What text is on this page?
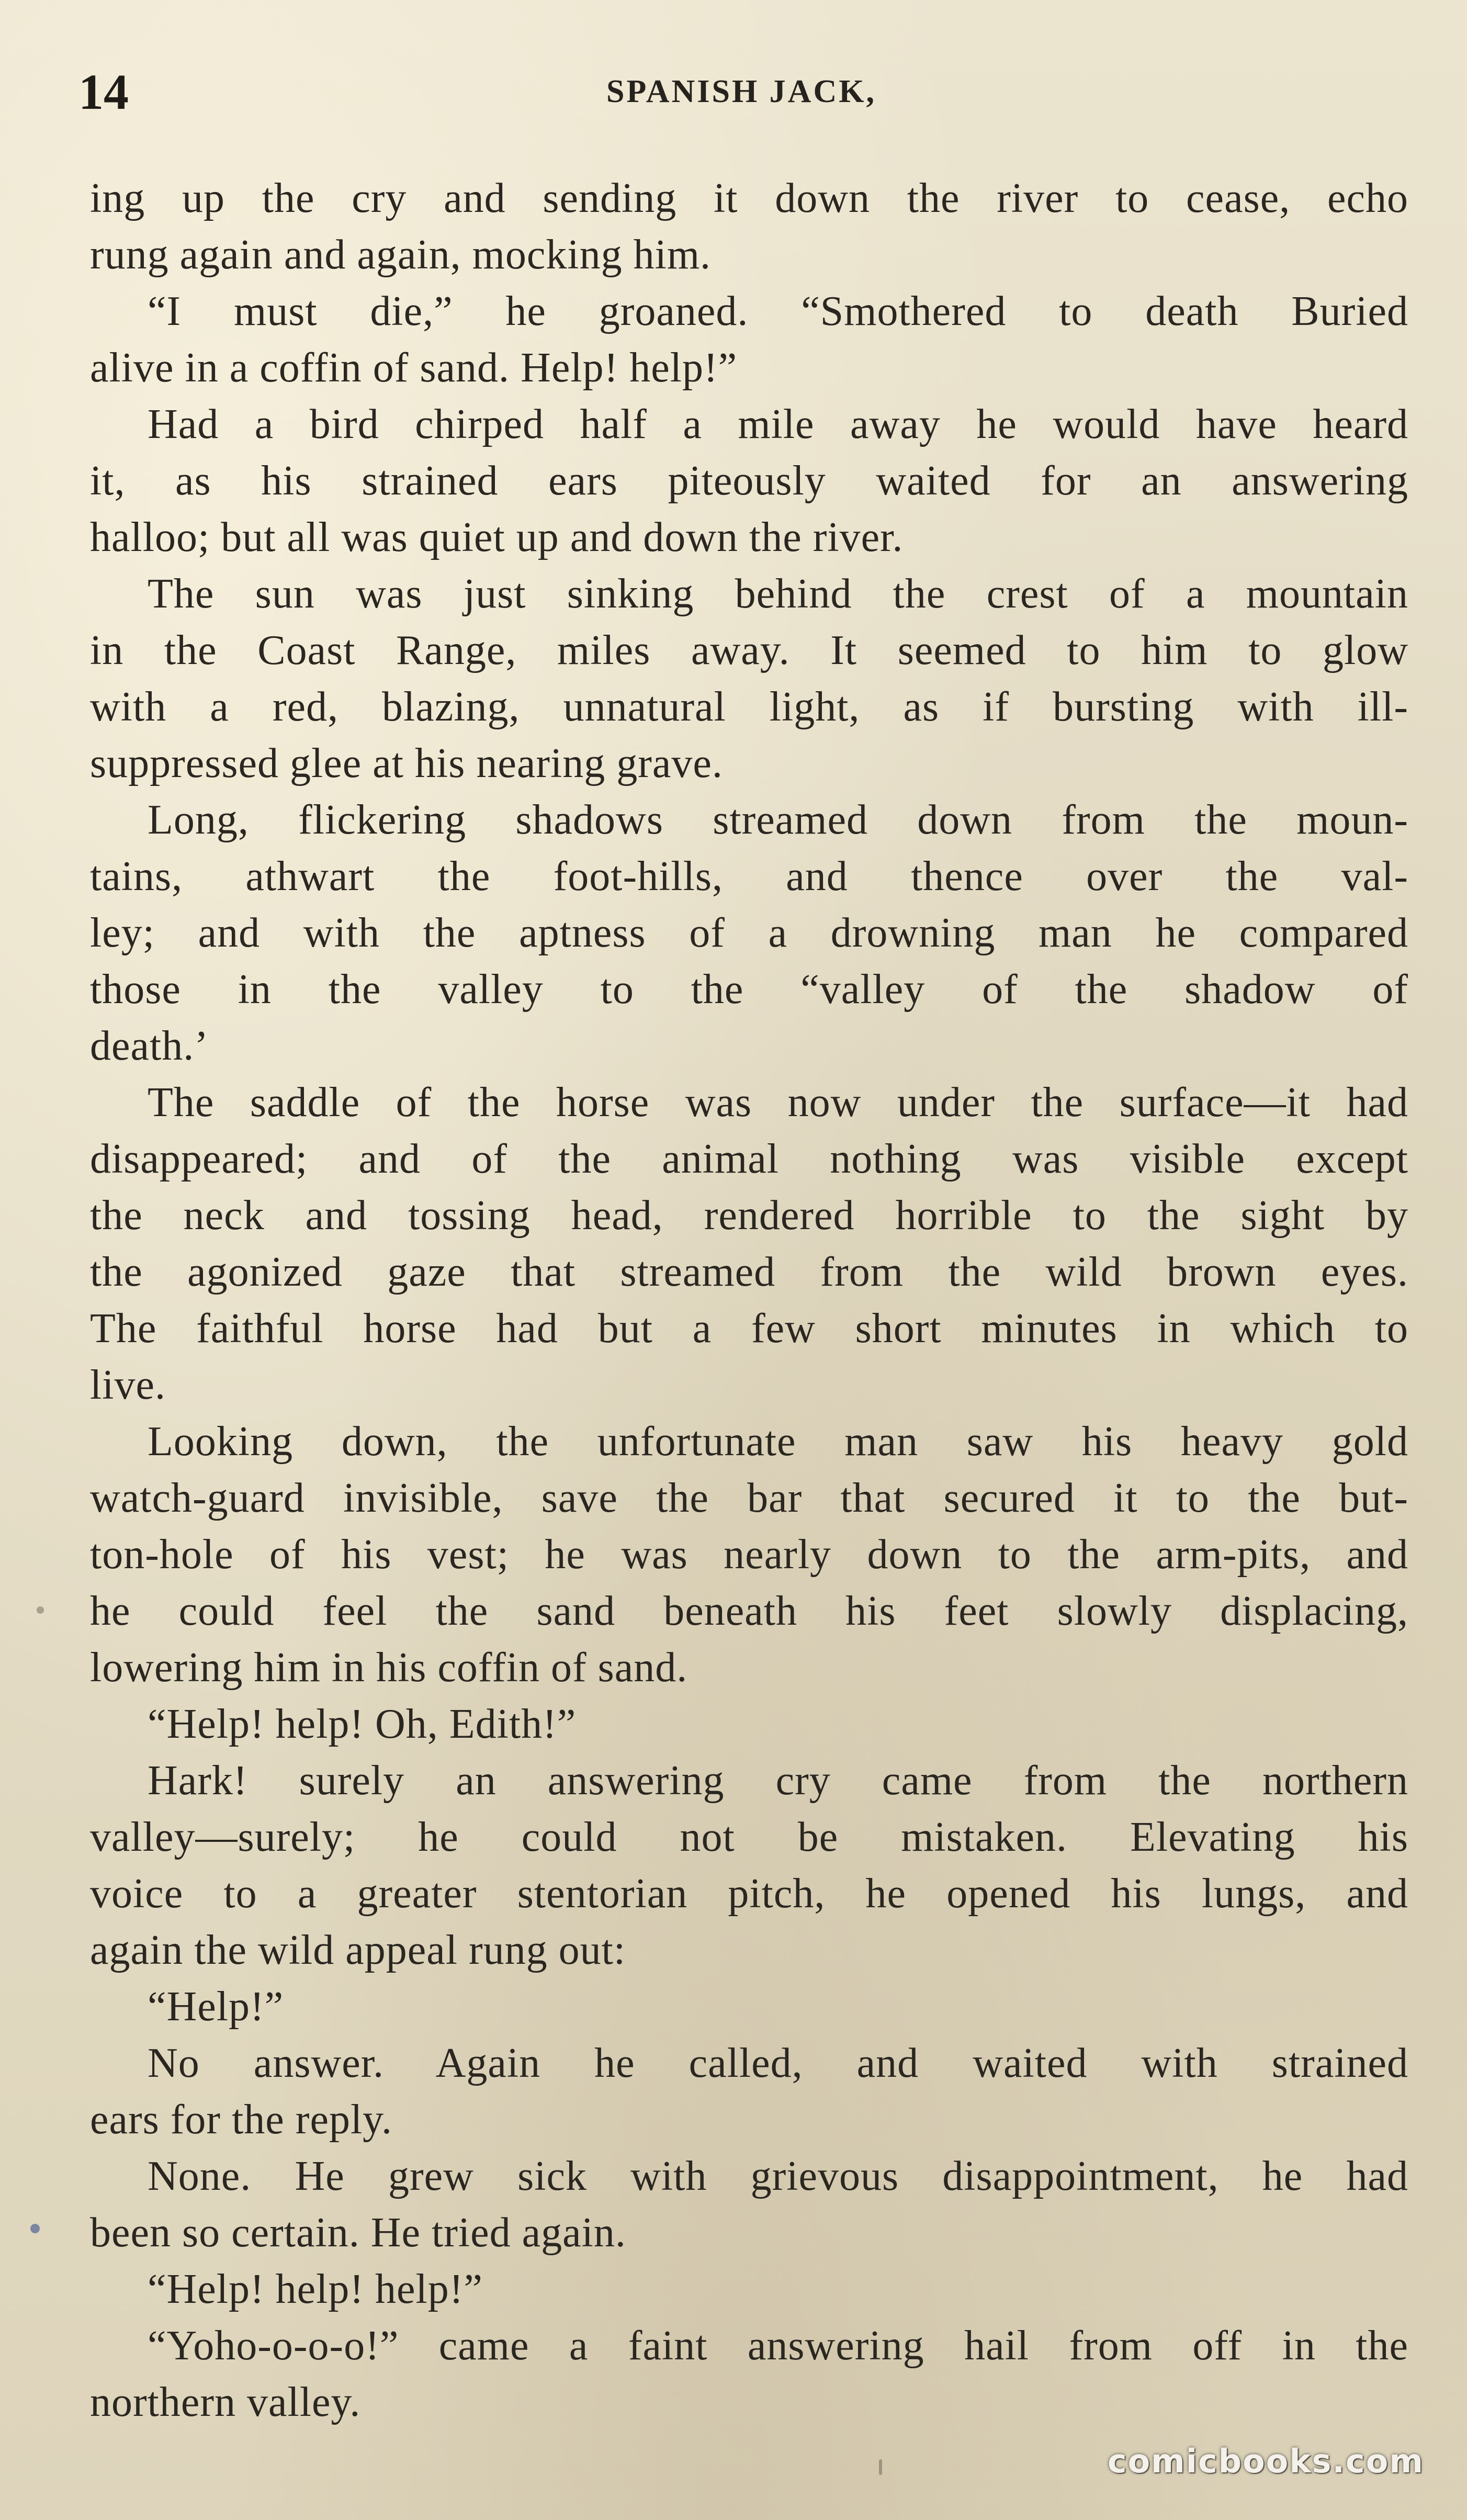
14	SPANISH JACK,
ing up the cry and sending it down the river to cease, echo
rung again and again, mocking him.
“I must die,” he groaned. “Smothered to death Buried
alive in a coffin of sand. Help! help!”
Had a bird chirped half a mile away he would have heard
it, as his strained ears piteously waited for an answering
halloo; but all was quiet up and down the river.
The sun was just sinking behind the crest of a mountain
in the Coast Range, miles away. It seemed to him to glow
with a red, blazing, unnatural light, as if bursting with ill-
suppressed glee at his nearing grave.
Long, flickering shadows streamed down from the moun-
tains, athwart the foot-hills, and thence over the val-
ley; and with the aptness of a drowning man he compared
those in the valley to the “valley of the shadow of
death.’
The saddle of the horse was now under the surface—it had
disappeared; and of the animal nothing was visible except
the neck and tossing head, rendered horrible to the sight by
the agonized gaze that streamed from the wild brown eyes.
The faithful horse had but a few short minutes in which to
live.
Looking down, the unfortunate man saw his heavy gold
watch-guard invisible, save the bar that secured it to the but-
ton-hole of his vest; he was nearly down to the arm-pits, and
he could feel the sand beneath his feet slowly displacing,
lowering him in his coffin of sand.
“Help! help! Oh, Edith!”
Hark! surely an answering cry came from the northern
valley—surely; he could not be mistaken. Elevating his
voice to a greater stentorian pitch, he opened his lungs, and
again the wild appeal rung out:
“Help!”
No answer. Again he called, and waited with strained
ears for the reply.
None. He grew sick with grievous disappointment, he had
been so certain. He tried again.
“Help! help! help!”
“Yoho-o-o-o!” came a faint answering hail from off in the
northern valley.
comicbooks.com
